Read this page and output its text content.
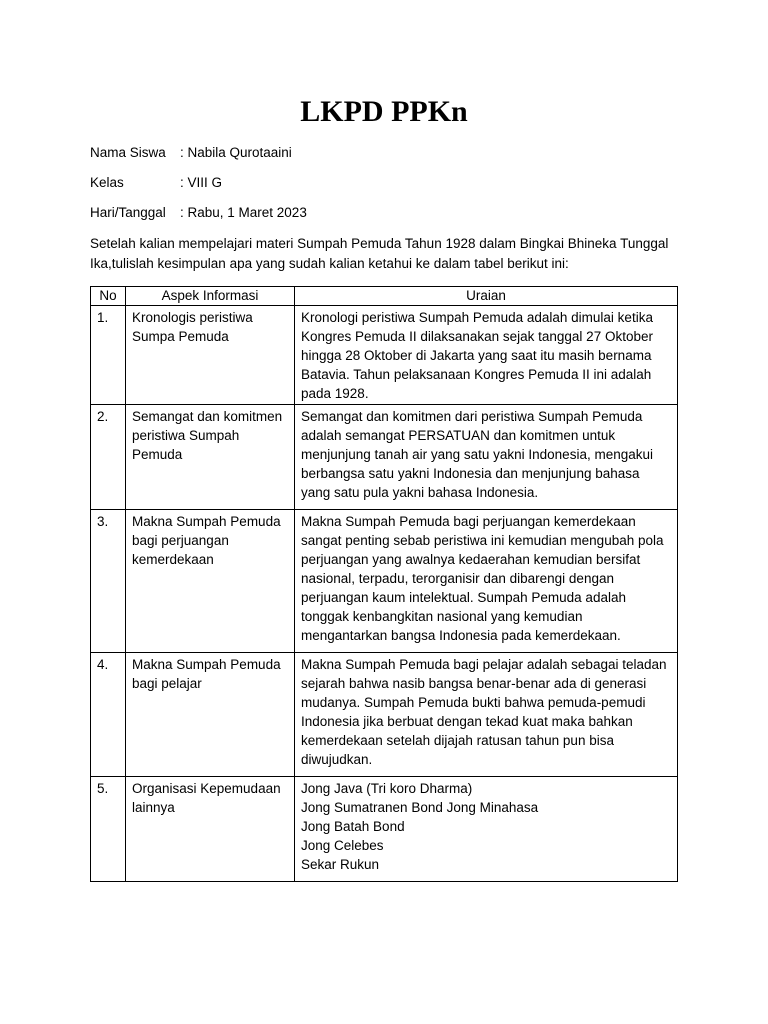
LKPD PPKn
Nama Siswa : Nabila Qurotaaini
Kelas	: VIII G
Hari/Tanggal : Rabu, 1 Maret 2023

Setelah kalian mempelajari materi Sumpah Pemuda Tahun 1928 dalam Bingkai Bhineka Tunggal Ika,tulislah kesimpulan apa yang sudah kalian ketahui ke dalam tabel berikut ini:

No	Aspek Informasi	Uraian
1.	Kronologis peristiwa Sumpa Pemuda	Kronologi peristiwa Sumpah Pemuda adalah dimulai ketika Kongres Pemuda II dilaksanakan sejak tanggal 27 Oktober hingga 28 Oktober di Jakarta yang saat itu masih bernama Batavia. Tahun pelaksanaan Kongres Pemuda II ini adalah pada 1928.
2.	Semangat dan komitmen peristiwa Sumpah Pemuda	Semangat dan komitmen dari peristiwa Sumpah Pemuda adalah semangat PERSATUAN dan komitmen untuk menjunjung tanah air yang satu yakni Indonesia, mengakui berbangsa satu yakni Indonesia dan menjunjung bahasa yang satu pula yakni bahasa Indonesia.
3.	Makna Sumpah Pemuda bagi perjuangan kemerdekaan	Makna Sumpah Pemuda bagi perjuangan kemerdekaan sangat penting sebab peristiwa ini kemudian mengubah pola perjuangan yang awalnya kedaerahan kemudian bersifat nasional, terpadu, terorganisir dan dibarengi dengan perjuangan kaum intelektual. Sumpah Pemuda adalah tonggak kenbangkitan nasional yang kemudian mengantarkan bangsa Indonesia pada kemerdekaan.
4.	Makna Sumpah Pemuda bagi pelajar	Makna Sumpah Pemuda bagi pelajar adalah sebagai teladan sejarah bahwa nasib bangsa benar-benar ada di generasi mudanya. Sumpah Pemuda bukti bahwa pemuda-pemudi Indonesia jika berbuat dengan tekad kuat maka bahkan kemerdekaan setelah dijajah ratusan tahun pun bisa diwujudkan.
5.	Organisasi Kepemudaan lainnya	Jong Java (Tri koro Dharma)
Jong Sumatranen Bond Jong Minahasa
Jong Batah Bond
Jong Celebes
Sekar Rukun
